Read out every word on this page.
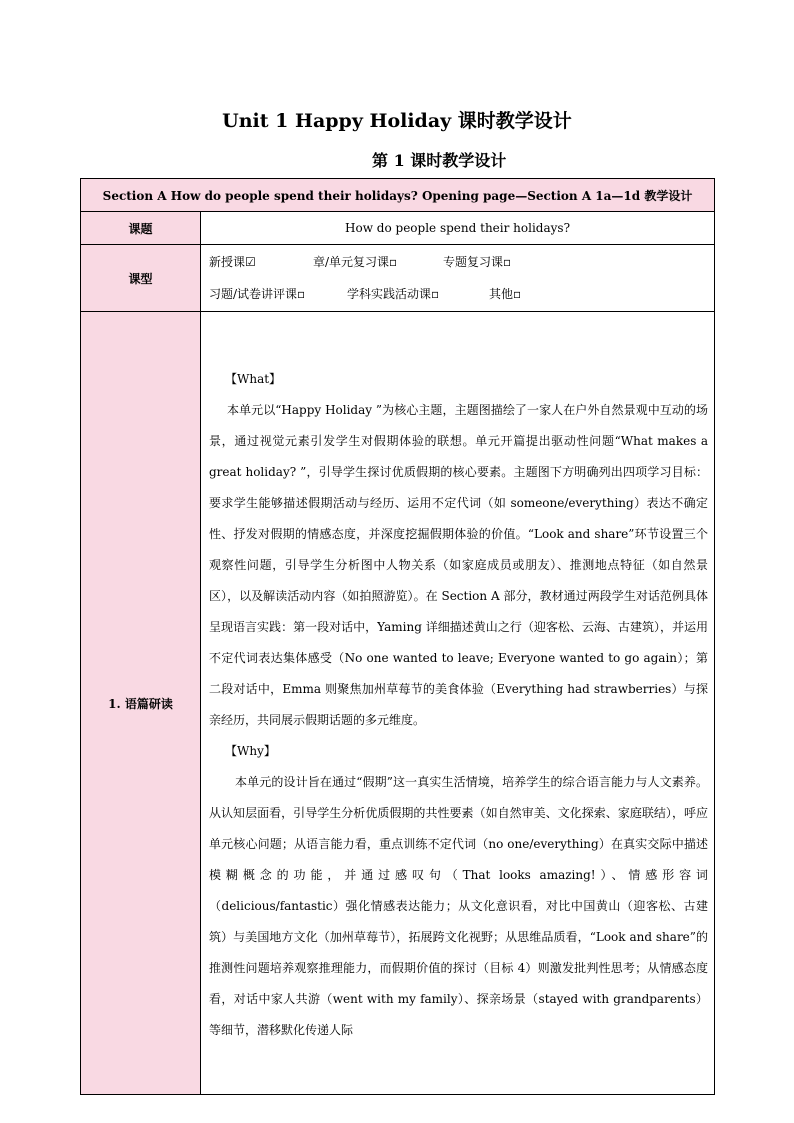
Unit 1 Happy Holiday 课时教学设计
第 1 课时教学设计
Section A How do people spend their holidays? Opening page—Section A 1a—1d 教学设计	
课题	How do people spend their holidays?
课型	新授课☑ 章/单元复习课▫ 专题复习课▫
习题/试卷讲评课▫ 学科实践活动课▫ 其他▫

1. 语篇研读	【What】

本单元以“Happy Holiday ”为核心主题，主题图描绘了一家人在户外自然景观中互动的场景，通过视觉元素引发学生对假期体验的联想。单元开篇提出驱动性问题“What makes a great holiday? ”，引导学生探讨优质假期的核心要素。主题图下方明确列出四项学习目标：要求学生能够描述假期活动与经历、运用不定代词（如 someone/everything）表达不确定性、抒发对假期的情感态度，并深度挖掘假期体验的价值。“Look and share”环节设置三个观察性问题，引导学生分析图中人物关系（如家庭成员或朋友）、推测地点特征（如自然景区），以及解读活动内容（如拍照游览）。在 Section A 部分，教材通过两段学生对话范例具体呈现语言实践：第一段对话中，Yaming 详细描述黄山之行（迎客松、云海、古建筑），并运用不定代词表达集体感受（No one wanted to leave; Everyone wanted to go again）；第二段对话中，Emma 则聚焦加州草莓节的美食体验（Everything had strawberries）与探亲经历，共同展示假期话题的多元维度。

【Why】

本单元的设计旨在通过“假期”这一真实生活情境，培养学生的综合语言能力与人文素养。从认知层面看，引导学生分析优质假期的共性要素（如自然审美、文化探索、家庭联结），呼应单元核心问题；从语言能力看，重点训练不定代词（no one/everything）在真实交际中描述模糊概念的功能，并通过感叹句（That looks amazing!）、情感形容词（delicious/fantastic）强化情感表达能力；从文化意识看，对比中国黄山（迎客松、古建筑）与美国地方文化（加州草莓节），拓展跨文化视野；从思维品质看，“Look and share”的推测性问题培养观察推理能力，而假期价值的探讨（目标 4）则激发批判性思考；从情感态度看，对话中家人共游（went with my family）、探亲场景（stayed with grandparents）等细节，潜移默化传递人际
